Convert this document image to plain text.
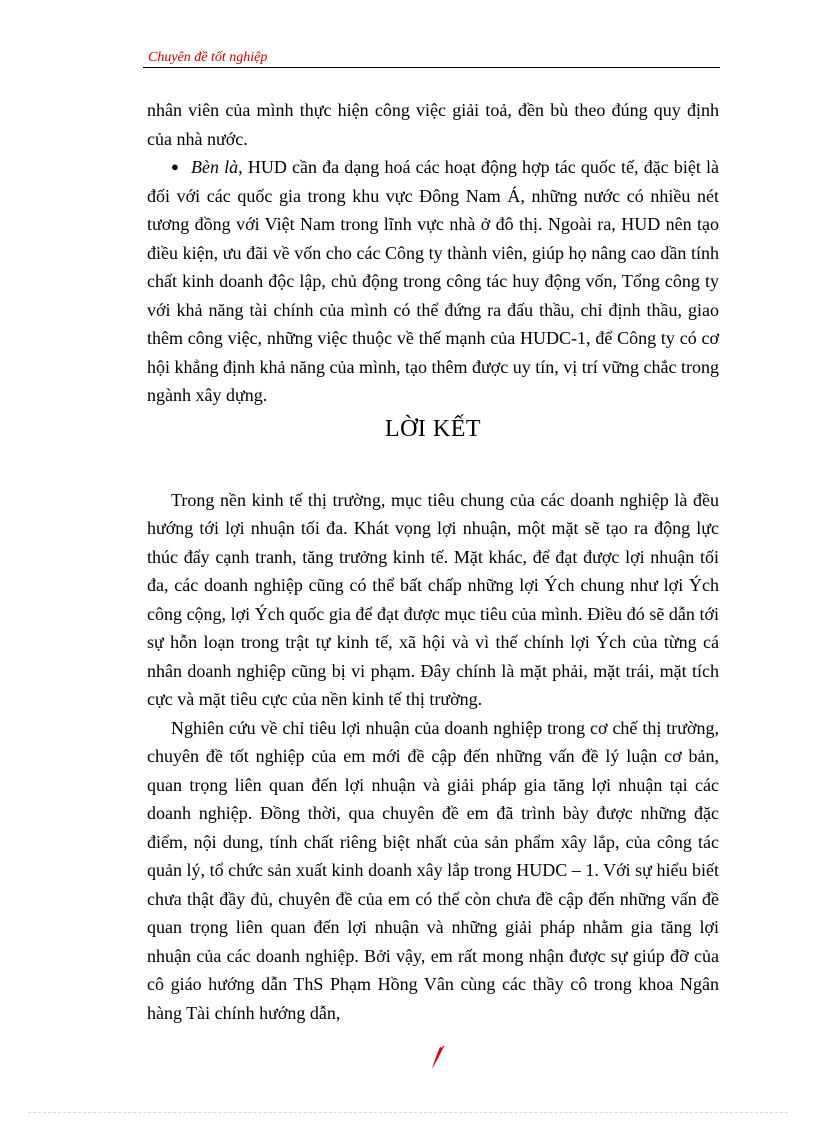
Chuyên đề tốt nghiệp

nhân viên của mình thực hiện công việc giải toả, đền bù theo đúng quy định của nhà nước.

● Bèn là, HUD cần đa dạng hoá các hoạt động hợp tác quốc tế, đặc biệt là đối với các quốc gia trong khu vực Đông Nam Á, những nước có nhiều nét tương đồng với Việt Nam trong lĩnh vực nhà ở đô thị. Ngoài ra, HUD nên tạo điều kiện, ưu đãi về vốn cho các Công ty thành viên, giúp họ nâng cao dần tính chất kinh doanh độc lập, chủ động trong công tác huy động vốn, Tổng công ty với khả năng tài chính của mình có thể đứng ra đấu thầu, chỉ định thầu, giao thêm công việc, những việc thuộc về thế mạnh của HUDC-1, để Công ty có cơ hội khẳng định khả năng của mình, tạo thêm được uy tín, vị trí vững chắc trong ngành xây dựng.

LỜI KẾT

Trong nền kinh tế thị trường, mục tiêu chung của các doanh nghiệp là đều hướng tới lợi nhuận tối đa. Khát vọng lợi nhuận, một mặt sẽ tạo ra động lực thúc đẩy cạnh tranh, tăng trưởng kinh tế. Mặt khác, để đạt được lợi nhuận tối đa, các doanh nghiệp cũng có thể bất chấp những lợi Ých chung như lợi Ých công cộng, lợi Ých quốc gia để đạt được mục tiêu của mình. Điều đó sẽ dẫn tới sự hỗn loạn trong trật tự kinh tế, xã hội và vì thế chính lợi Ých của từng cá nhân doanh nghiệp cũng bị vi phạm. Đây chính là mặt phải, mặt trái, mặt tích cực và mặt tiêu cực của nền kinh tế thị trường.

Nghiên cứu về chỉ tiêu lợi nhuận của doanh nghiệp trong cơ chế thị trường, chuyên đề tốt nghiệp của em mới đề cập đến những vấn đề lý luận cơ bản, quan trọng liên quan đến lợi nhuận và giải pháp gia tăng lợi nhuận tại các doanh nghiệp. Đồng thời, qua chuyên đề em đã trình bày được những đặc điểm, nội dung, tính chất riêng biệt nhất của sản phẩm xây lắp, của công tác quản lý, tổ chức sản xuất kinh doanh xây lắp trong HUDC – 1. Với sự hiểu biết chưa thật đầy đủ, chuyên đề của em có thể còn chưa đề cập đến những vấn đề quan trọng liên quan đến lợi nhuận và những giải pháp nhằm gia tăng lợi nhuận của các doanh nghiệp. Bởi vậy, em rất mong nhận được sự giúp đỡ của cô giáo hướng dẫn ThS Phạm Hồng Vân cùng các thầy cô trong khoa Ngân hàng Tài chính hướng dẫn,
